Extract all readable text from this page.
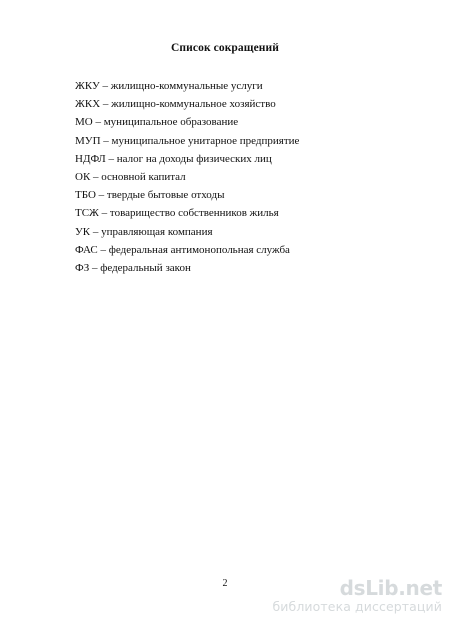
Список сокращений
ЖКУ – жилищно-коммунальные услуги
ЖКХ – жилищно-коммунальное хозяйство
МО – муниципальное образование
МУП – муниципальное унитарное предприятие
НДФЛ – налог на доходы физических лиц
ОК – основной капитал
ТБО – твердые бытовые отходы
ТСЖ – товарищество собственников жилья
УК – управляющая компания
ФАС – федеральная антимонопольная служба
ФЗ – федеральный закон
2	dsLib.net
библиотека диссертаций
